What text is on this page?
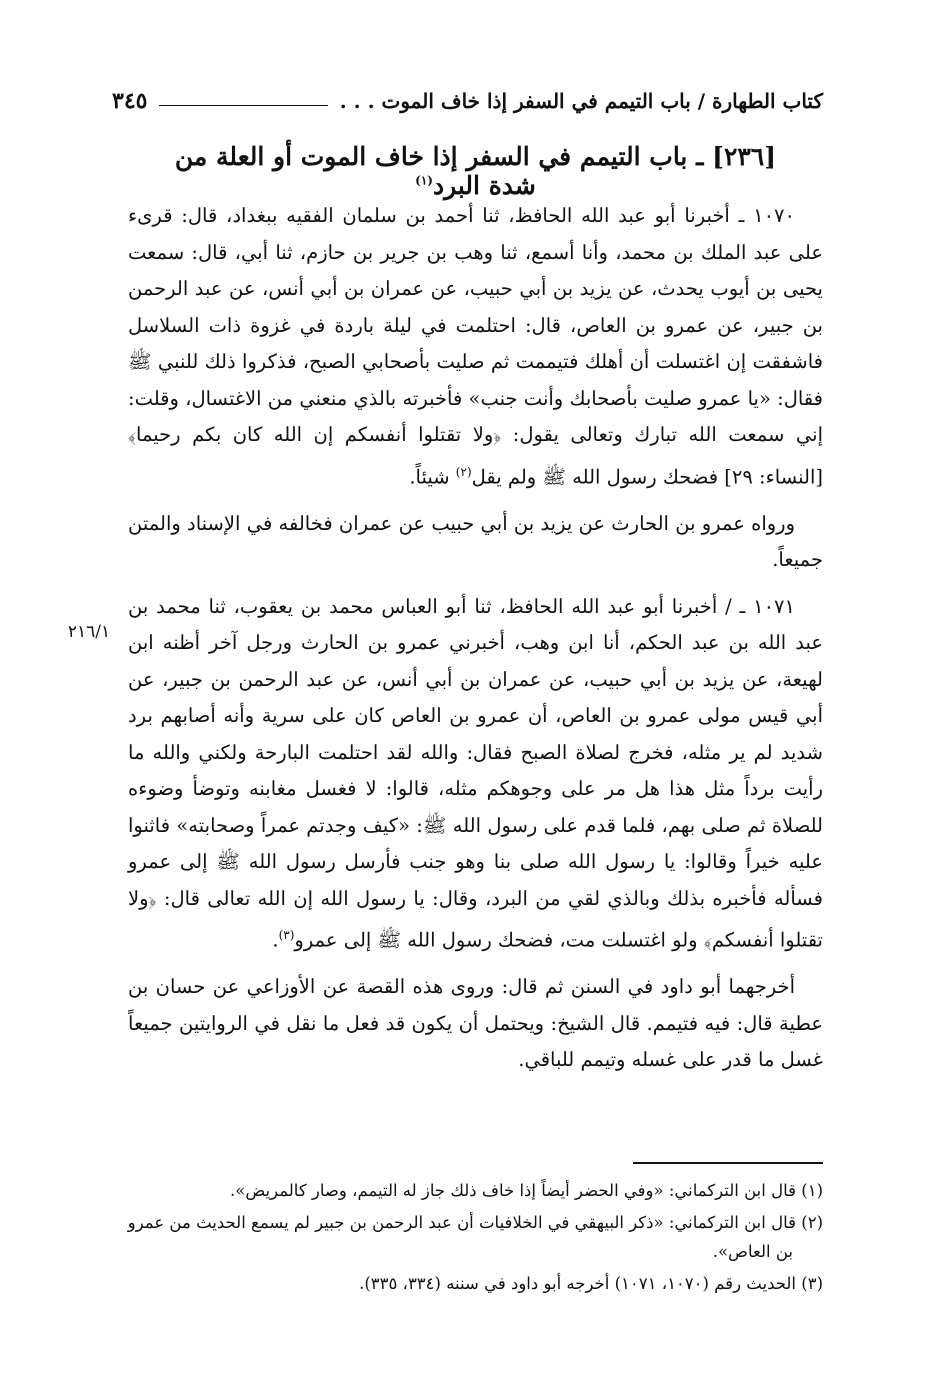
كتاب الطهارة / باب التيمم في السفر إذا خاف الموت . . .
٣٤٥
[٢٣٦] ـ باب التيمم في السفر إذا خاف الموت أو العلة من شدة البرد$^{(١)}$

١٠٧٠ ـ أخبرنا أبو عبد الله الحافظ، ثنا أحمد بن سلمان الفقيه ببغداد، قال: قرىء على عبد الملك بن محمد، وأنا أسمع، ثنا وهب بن جرير بن حازم، ثنا أبي، قال: سمعت يحيى بن أيوب يحدث، عن يزيد بن أبي حبيب، عن عمران بن أبي أنس، عن عبد الرحمن بن جبير، عن عمرو بن العاص، قال: احتلمت في ليلة باردة في غزوة ذات السلاسل فاشفقت إن اغتسلت أن أهلك فتيممت ثم صليت بأصحابي الصبح، فذكروا ذلك للنبي ﷺ فقال: «يا عمرو صليت بأصحابك وأنت جنب» فأخبرته بالذي منعني من الاغتسال، وقلت: إني سمعت الله تبارك وتعالى يقول: ﴿ولا تقتلوا أنفسكم إن الله كان بكم رحيما﴾ [النساء: ٢٩] فضحك رسول الله ﷺ ولم يقل$^{(٢)}$ شيئاً.

ورواه عمرو بن الحارث عن يزيد بن أبي حبيب عن عمران فخالفه في الإسناد والمتن جميعاً.

١٠٧١ ـ / أخبرنا أبو عبد الله الحافظ، ثنا أبو العباس محمد بن يعقوب، ثنا محمد بن عبد الله بن عبد الحكم، أنا ابن وهب، أخبرني عمرو بن الحارث ورجل آخر أظنه ابن لهيعة، عن يزيد بن أبي حبيب، عن عمران بن أبي أنس، عن عبد الرحمن بن جبير، عن أبي قيس مولى عمرو بن العاص، أن عمرو بن العاص كان على سرية وأنه أصابهم برد شديد لم ير مثله، فخرج لصلاة الصبح فقال: والله لقد احتلمت البارحة ولكني والله ما رأيت برداً مثل هذا هل مر على وجوهكم مثله، قالوا: لا فغسل مغابنه وتوضأ وضوءه للصلاة ثم صلى بهم، فلما قدم على رسول الله ﷺ: «كيف وجدتم عمراً وصحابته» فاثنوا عليه خيراً وقالوا: يا رسول الله صلى بنا وهو جنب فأرسل رسول الله ﷺ إلى عمرو فسأله فأخبره بذلك وبالذي لقي من البرد، وقال: يا رسول الله إن الله تعالى قال: ﴿ولا تقتلوا أنفسكم﴾ ولو اغتسلت مت، فضحك رسول الله ﷺ إلى عمرو$^{(٣)}$.

أخرجهما أبو داود في السنن ثم قال: وروى هذه القصة عن الأوزاعي عن حسان بن عطية قال: فيه فتيمم. قال الشيخ: ويحتمل أن يكون قد فعل ما نقل في الروايتين جميعاً غسل ما قدر على غسله وتيمم للباقي.

٢١٦/١

(١) قال ابن التركماني: «وفي الحضر أيضاً إذا خاف ذلك جاز له التيمم، وصار كالمريض».

(٢) قال ابن التركماني: «ذكر البيهقي في الخلافيات أن عبد الرحمن بن جبير لم يسمع الحديث من عمرو بن العاص».

(٣) الحديث رقم (١٠٧٠، ١٠٧١) أخرجه أبو داود في سننه (٣٣٤، ٣٣٥).
